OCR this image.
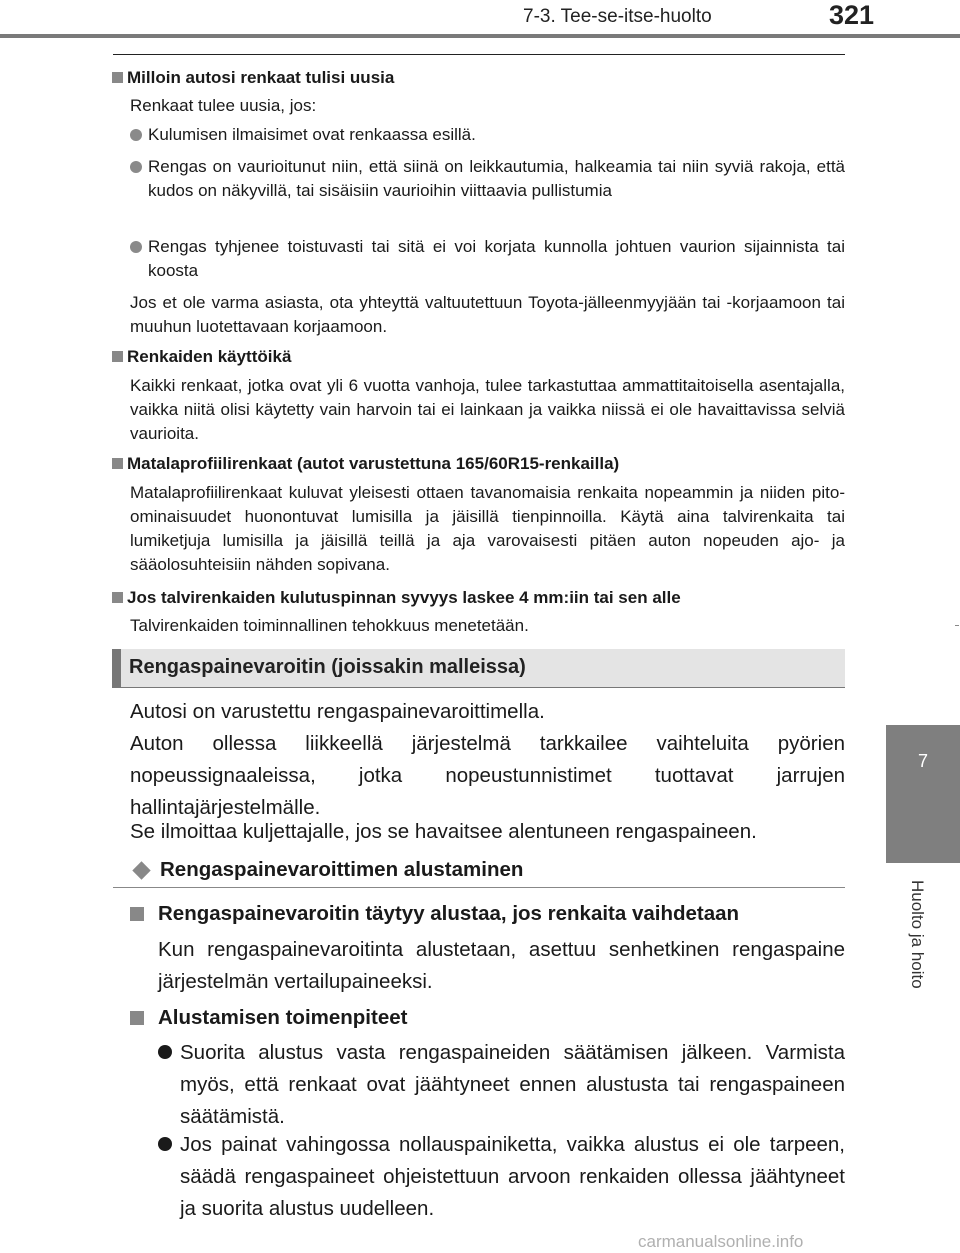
7-3. Tee-se-itse-huolto	321
7
Huolto ja hoito
Milloin autosi renkaat tulisi uusia
Renkaat tulee uusia, jos:
Kulumisen ilmaisimet ovat renkaassa esillä.
Rengas on vaurioitunut niin, että siinä on leikkautumia, halkeamia tai niin syviä rakoja, että kudos on näkyvillä, tai sisäisiin vaurioihin viittaavia pullistumia
Rengas tyhjenee toistuvasti tai sitä ei voi korjata kunnolla johtuen vaurion sijainnista tai koosta
Jos et ole varma asiasta, ota yhteyttä valtuutettuun Toyota-jälleenmyyjään tai -korjaamoon tai muuhun luotettavaan korjaamoon.
Renkaiden käyttöikä
Kaikki renkaat, jotka ovat yli 6 vuotta vanhoja, tulee tarkastuttaa ammattitaitoisella asentajalla, vaikka niitä olisi käytetty vain harvoin tai ei lainkaan ja vaikka niissä ei ole havaittavissa selviä vaurioita.
Matalaprofiilirenkaat (autot varustettuna 165/60R15-renkailla)
Matalaprofiilirenkaat kuluvat yleisesti ottaen tavanomaisia renkaita nopeammin ja niiden pito-ominaisuudet huonontuvat lumisilla ja jäisillä tienpinnoilla. Käytä aina talvirenkaita tai lumiketjuja lumisilla ja jäisillä teillä ja aja varovaisesti pitäen auton nopeuden ajo- ja sääolosuhteisiin nähden sopivana.
Jos talvirenkaiden kulutuspinnan syvyys laskee 4 mm:iin tai sen alle
Talvirenkaiden toiminnallinen tehokkuus menetetään.
Rengaspainevaroitin (joissakin malleissa)
Autosi on varustettu rengaspainevaroittimella.
Auton ollessa liikkeellä järjestelmä tarkkailee vaihteluita pyörien nopeussignaaleissa, jotka nopeustunnistimet tuottavat jarrujen hallintajärjestelmälle.
Se ilmoittaa kuljettajalle, jos se havaitsee alentuneen rengaspaineen.
Rengaspainevaroittimen alustaminen
Rengaspainevaroitin täytyy alustaa, jos renkaita vaihdetaan
Kun rengaspainevaroitinta alustetaan, asettuu senhetkinen rengaspaine järjestelmän vertailupaineeksi.
Alustamisen toimenpiteet
Suorita alustus vasta rengaspaineiden säätämisen jälkeen. Varmista myös, että renkaat ovat jäähtyneet ennen alustusta tai rengaspaineen säätämistä.
Jos painat vahingossa nollauspainiketta, vaikka alustus ei ole tarpeen, säädä rengaspaineet ohjeistettuun arvoon renkaiden ollessa jäähtyneet ja suorita alustus uudelleen.
carmanualsonline.info
